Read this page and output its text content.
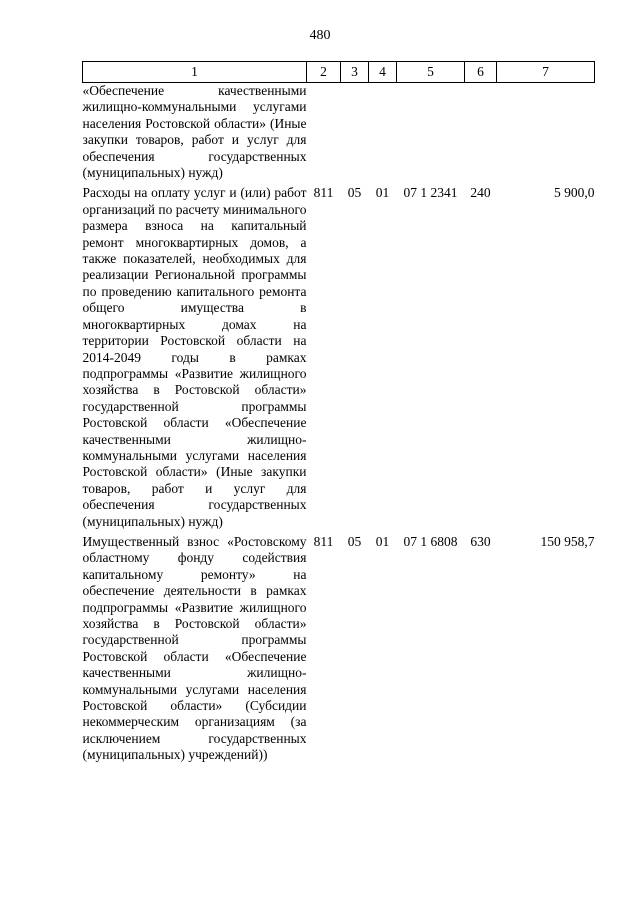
480
1	2	3	4	5	6	7
«Обеспечение качественными жилищно-коммунальными услугами населения Ростовской области» (Иные закупки товаров, работ и услуг для обеспечения государственных (муниципальных) нужд)						
Расходы на оплату услуг и (или) работ организаций по расчету минимального размера взноса на капитальный ремонт многоквартирных домов, а также показателей, необходимых для реализации Региональной программы по проведению капитального ремонта общего имущества в многоквартирных домах на территории Ростовской области на 2014-2049 годы в рамках подпрограммы «Развитие жилищного хозяйства в Ростовской области» государственной программы Ростовской области «Обеспечение качественными жилищно-коммунальными услугами населения Ростовской области» (Иные закупки товаров, работ и услуг для обеспечения государственных (муниципальных) нужд)	811	05	01	07 1 2341	240	5 900,0
Имущественный взнос «Ростовскому областному фонду содействия капитальному ремонту» на обеспечение деятельности в рамках подпрограммы «Развитие жилищного хозяйства в Ростовской области» государственной программы Ростовской области «Обеспечение качественными жилищно-коммунальными услугами населения Ростовской области» (Субсидии некоммерческим организациям (за исключением государственных (муниципальных) учреждений))	811	05	01	07 1 6808	630	150 958,7
